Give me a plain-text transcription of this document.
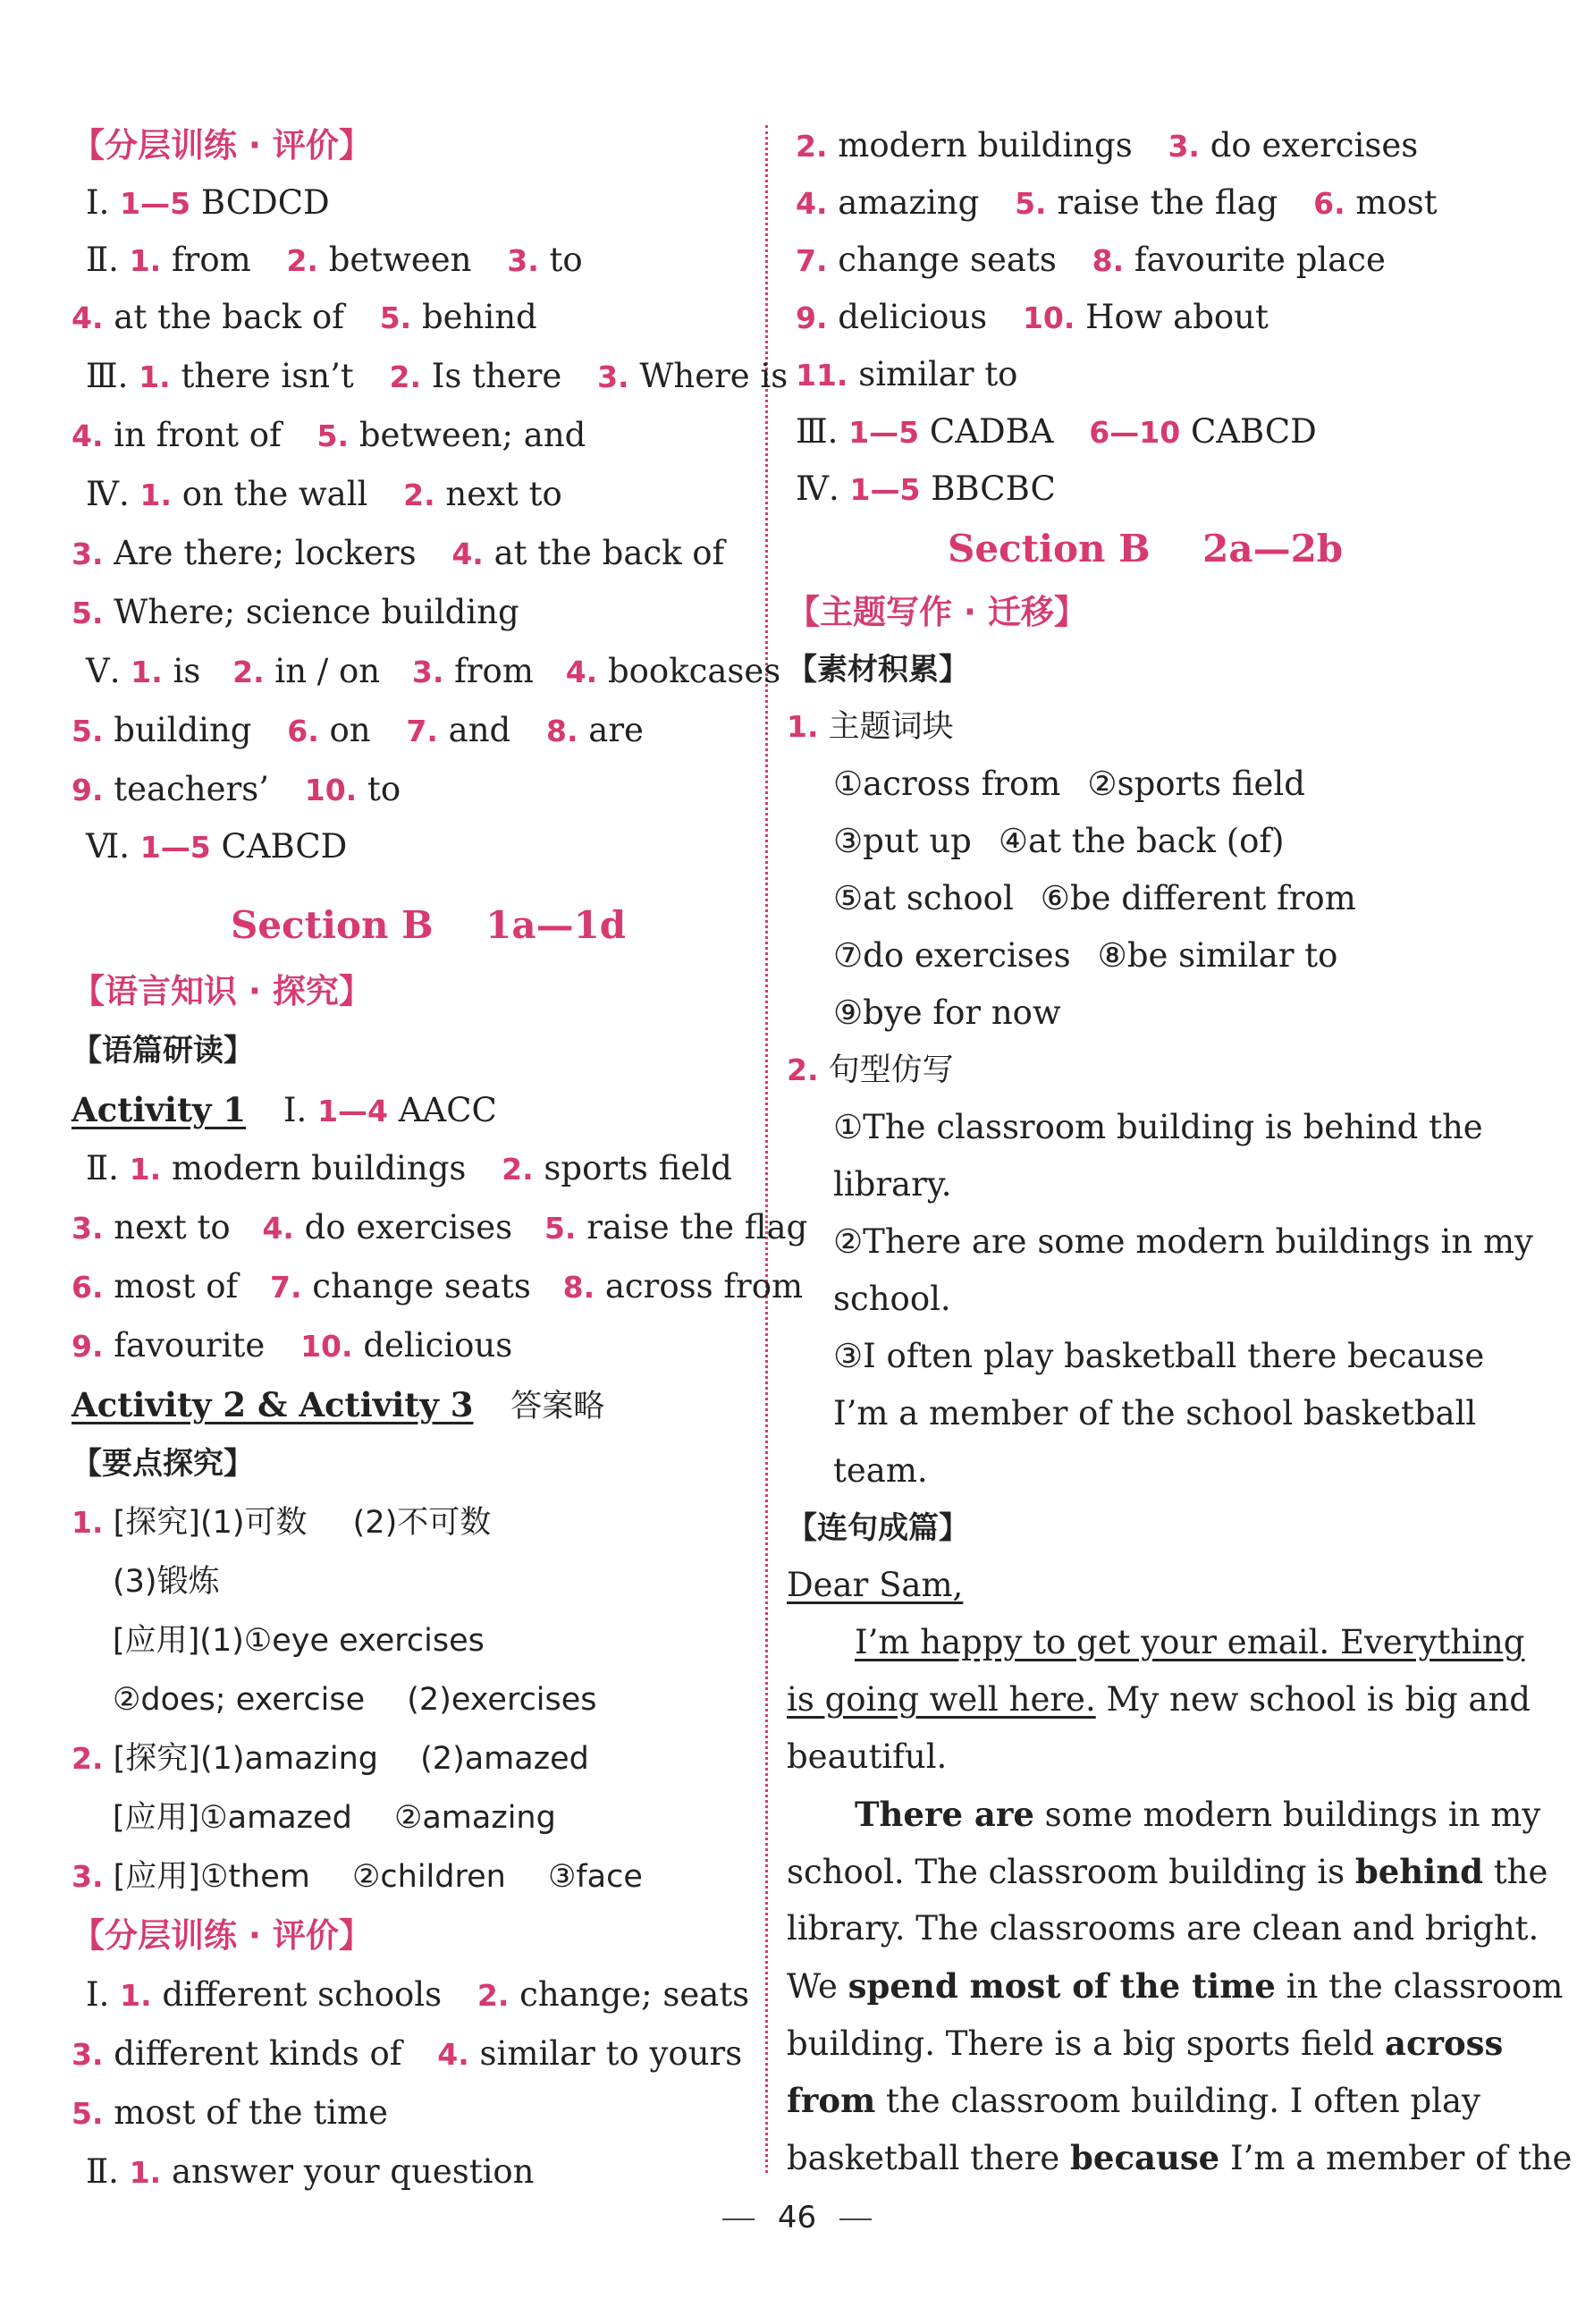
【分层训练 · 评价】
Ⅰ. 1—5 BCDCD
Ⅱ. 1. from 2. between 3. to
4. at the back of 5. behind
Ⅲ. 1. there isn’t 2. Is there 3. Where is
4. in front of 5. between; and
Ⅳ. 1. on the wall 2. next to
3. Are there; lockers 4. at the back of
5. Where; science building
Ⅴ. 1. is 2. in / on 3. from 4. bookcases
5. building 6. on 7. and 8. are
9. teachers’ 10. to
Ⅵ. 1—5 CABCD
Section B    1a—1d
【语言知识 · 探究】
【语篇研读】
Activity 1 Ⅰ. 1—4 AACC
Ⅱ. 1. modern buildings 2. sports field
3. next to 4. do exercises 5. raise the flag
6. most of 7. change seats 8. across from
9. favourite 10. delicious
Activity 2 & Activity 3 答案略
【要点探究】
1. [探究](1)可数 (2)不可数
(3)锻炼
[应用](1)①eye exercises
②does; exercise (2)exercises
2. [探究](1)amazing (2)amazed
[应用]①amazed ②amazing
3. [应用]①them ②children ③face
【分层训练 · 评价】
Ⅰ. 1. different schools 2. change; seats
3. different kinds of 4. similar to yours
5. most of the time
Ⅱ. 1. answer your question
2. modern buildings 3. do exercises
4. amazing 5. raise the flag 6. most
7. change seats 8. favourite place
9. delicious 10. How about
11. similar to
Ⅲ. 1—5 CADBA 6—10 CABCD
Ⅳ. 1—5 BBCBC
Section B    2a—2b
【主题写作 · 迁移】
【素材积累】
1. 主题词块
①across from ②sports field
③put up ④at the back (of)
⑤at school ⑥be different from
⑦do exercises ⑧be similar to
⑨bye for now
2. 句型仿写
①The classroom building is behind the
library.
②There are some modern buildings in my
school.
③I often play basketball there because
I’m a member of the school basketball
team.
【连句成篇】
Dear Sam,
I’m happy to get your email. Everything
is going well here. My new school is big and
beautiful.
There are some modern buildings in my
school. The classroom building is behind the
library. The classrooms are clean and bright.
We spend most of the time in the classroom
building. There is a big sports field across
from the classroom building. I often play
basketball there because I’m a member of the
46
